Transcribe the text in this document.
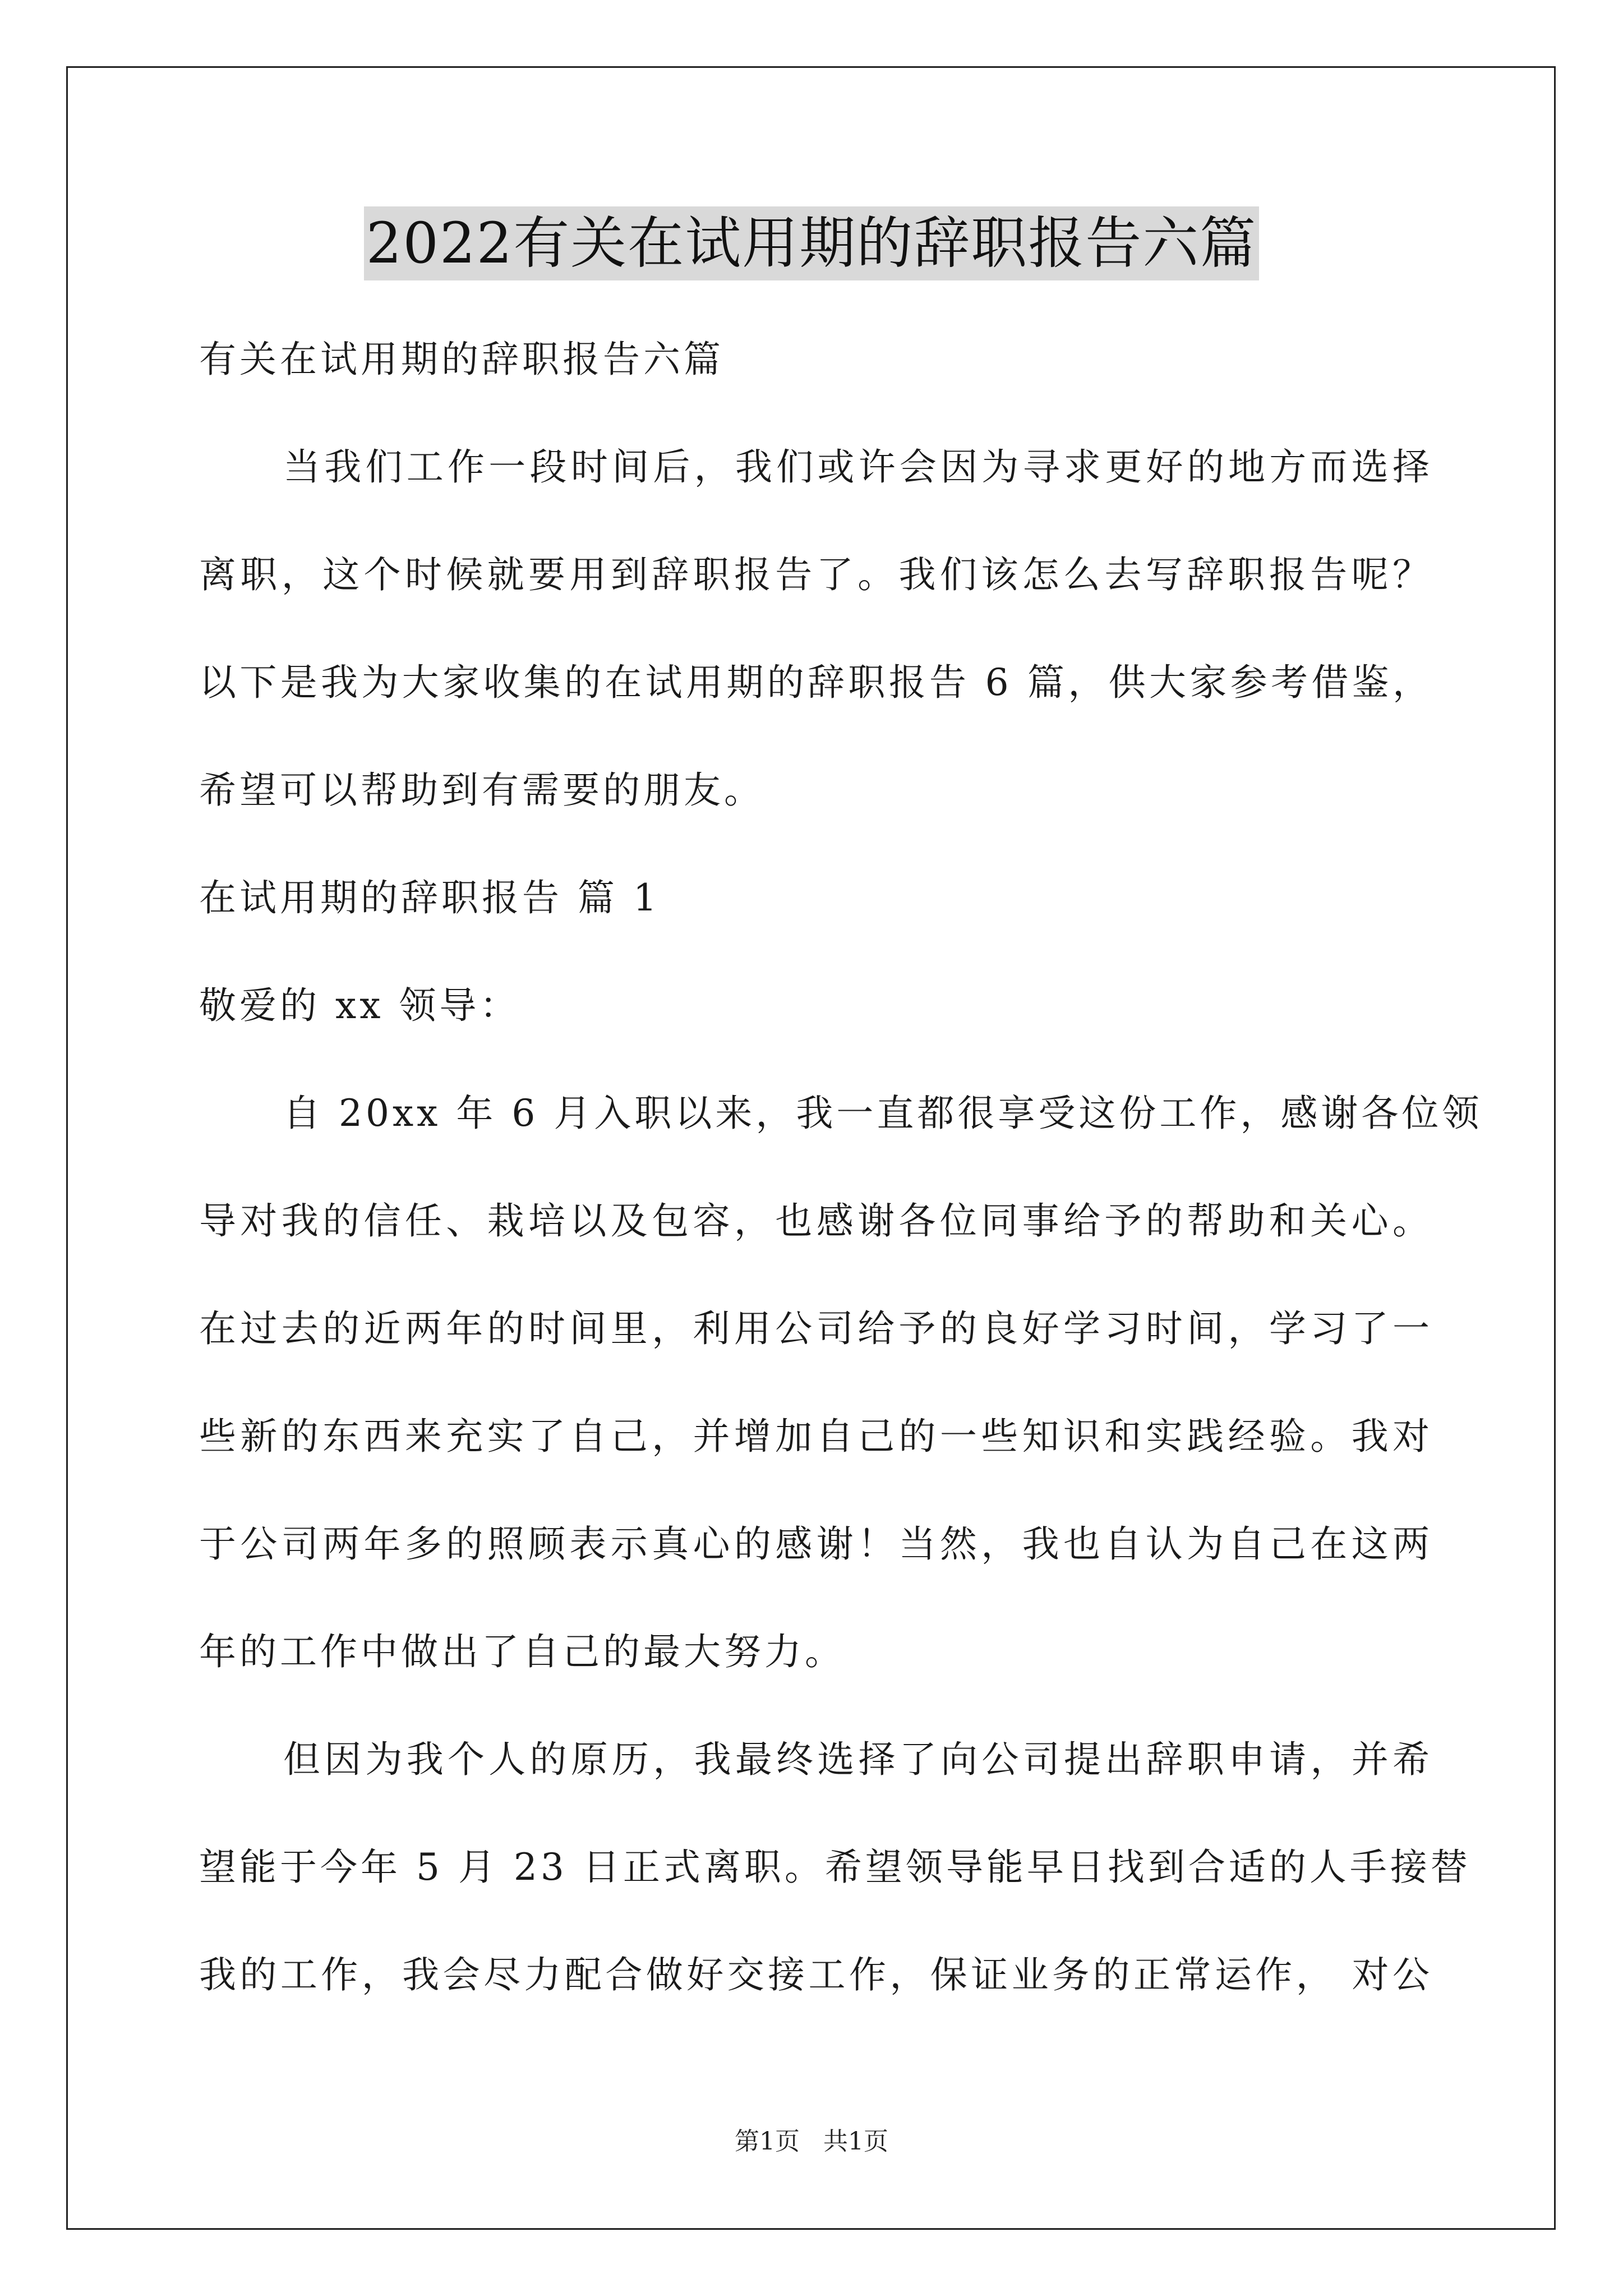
2022有关在试用期的辞职报告六篇
有关在试用期的辞职报告六篇
当我们工作一段时间后，我们或许会因为寻求更好的地方而选择
离职，这个时候就要用到辞职报告了。我们该怎么去写辞职报告呢？
以下是我为大家收集的在试用期的辞职报告 6 篇，供大家参考借鉴，
希望可以帮助到有需要的朋友。
在试用期的辞职报告 篇 1
敬爱的 xx 领导：
自 20xx 年 6 月入职以来，我一直都很享受这份工作，感谢各位领
导对我的信任、栽培以及包容，也感谢各位同事给予的帮助和关心。
在过去的近两年的时间里，利用公司给予的良好学习时间，学习了一
些新的东西来充实了自己，并增加自己的一些知识和实践经验。我对
于公司两年多的照顾表示真心的感谢！当然，我也自认为自己在这两
年的工作中做出了自己的最大努力。
但因为我个人的原历，我最终选择了向公司提出辞职申请，并希
望能于今年 5 月 23 日正式离职。希望领导能早日找到合适的人手接替
我的工作，我会尽力配合做好交接工作，保证业务的正常运作， 对公
第1页   共1页
